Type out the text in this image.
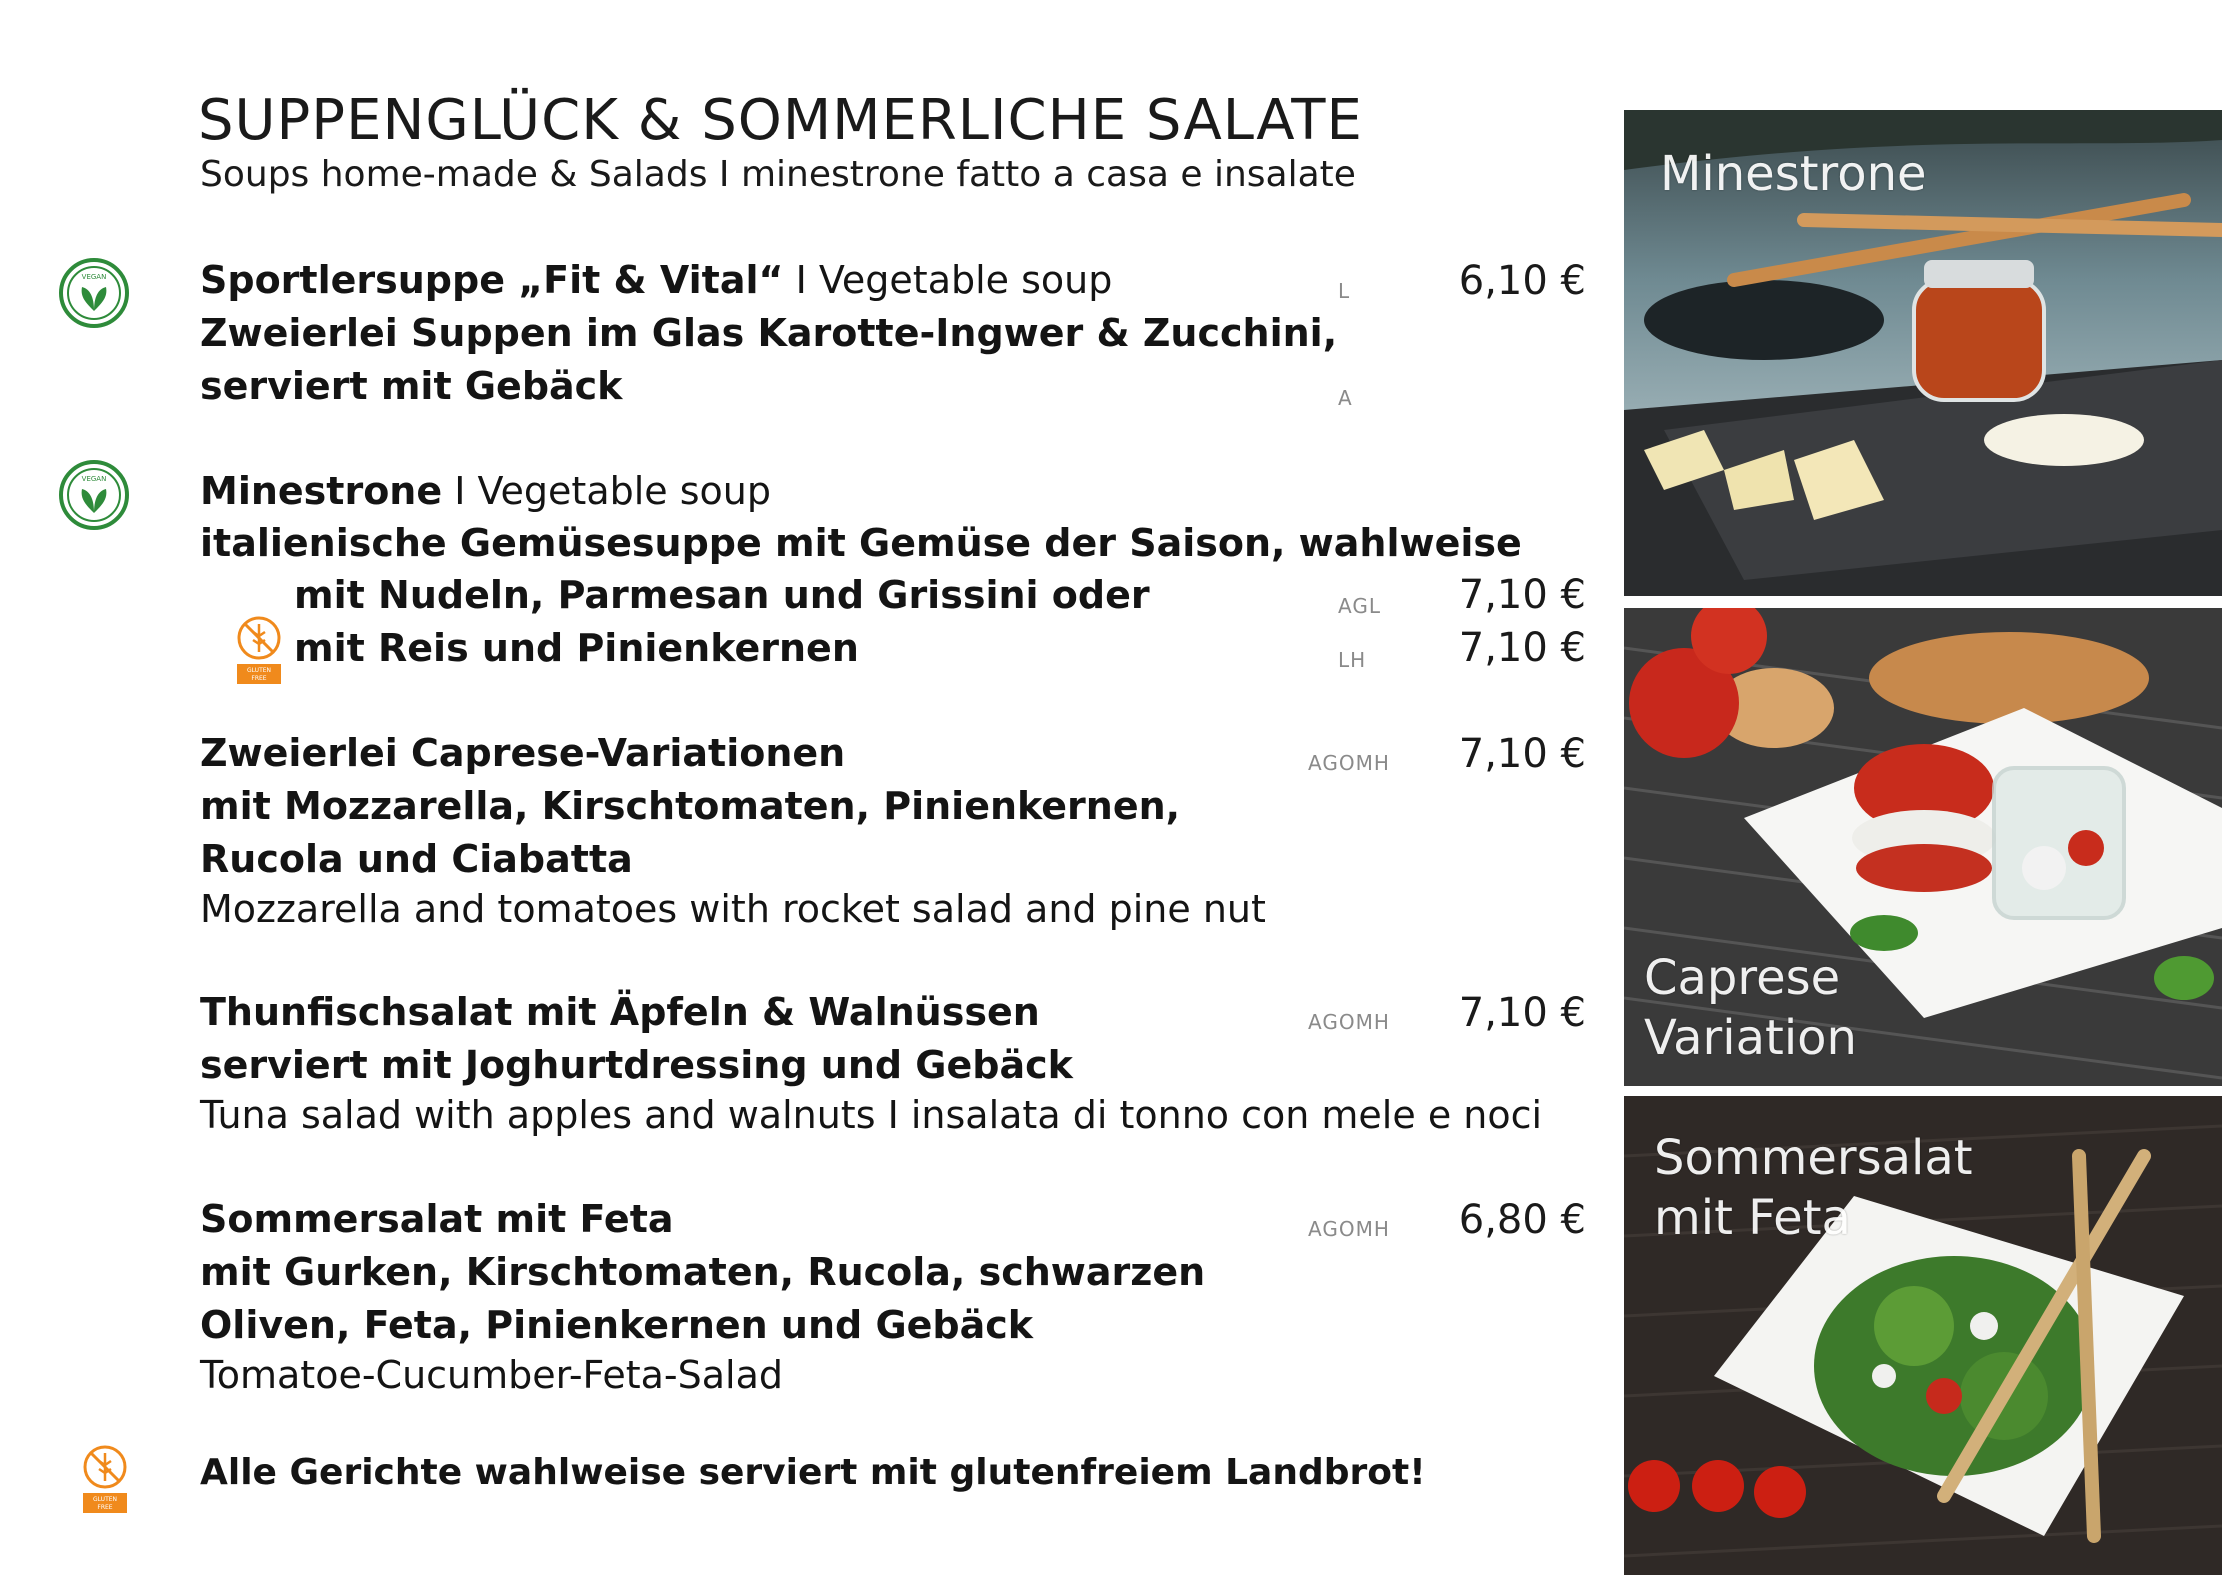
SUPPENGLÜCK & SOMMERLICHE SALATE
Soups home-made & Salads I minestrone fatto a casa e insalate
VEGAN Sportlersuppe „Fit & Vital“ I Vegetable soup
Zweierlei Suppen im Glas Karotte-Ingwer & Zucchini,
serviert mit Gebäck
L
A
6,10 €
VEGAN Minestrone I Vegetable soup
italienische Gemüsesuppe mit Gemüse der Saison, wahlweise
mit Nudeln, Parmesan und Grissini oder	AGL 7,10 €
GLUTEN
FREE
mit Reis und Pinienkernen	LH 7,10 €
Zweierlei Caprese-Variationen
mit Mozzarella, Kirschtomaten, Pinienkernen,
Rucola und Ciabatta
Mozzarella and tomatoes with rocket salad and pine nut
AGOMH 7,10 €
Thunfischsalat mit Äpfeln & Walnüssen
serviert mit Joghurtdressing und Gebäck
Tuna salad with apples and walnuts I insalata di tonno con mele e noci
AGOMH 7,10 €
Sommersalat mit Feta
mit Gurken, Kirschtomaten, Rucola, schwarzen
Oliven, Feta, Pinienkernen und Gebäck
Tomatoe-Cucumber-Feta-Salad
AGOMH 6,80 €
GLUTEN
FREE
Alle Gerichte wahlweise serviert mit glutenfreiem Landbrot!
Minestrone
Caprese
Variation
Sommersalat
mit Feta
